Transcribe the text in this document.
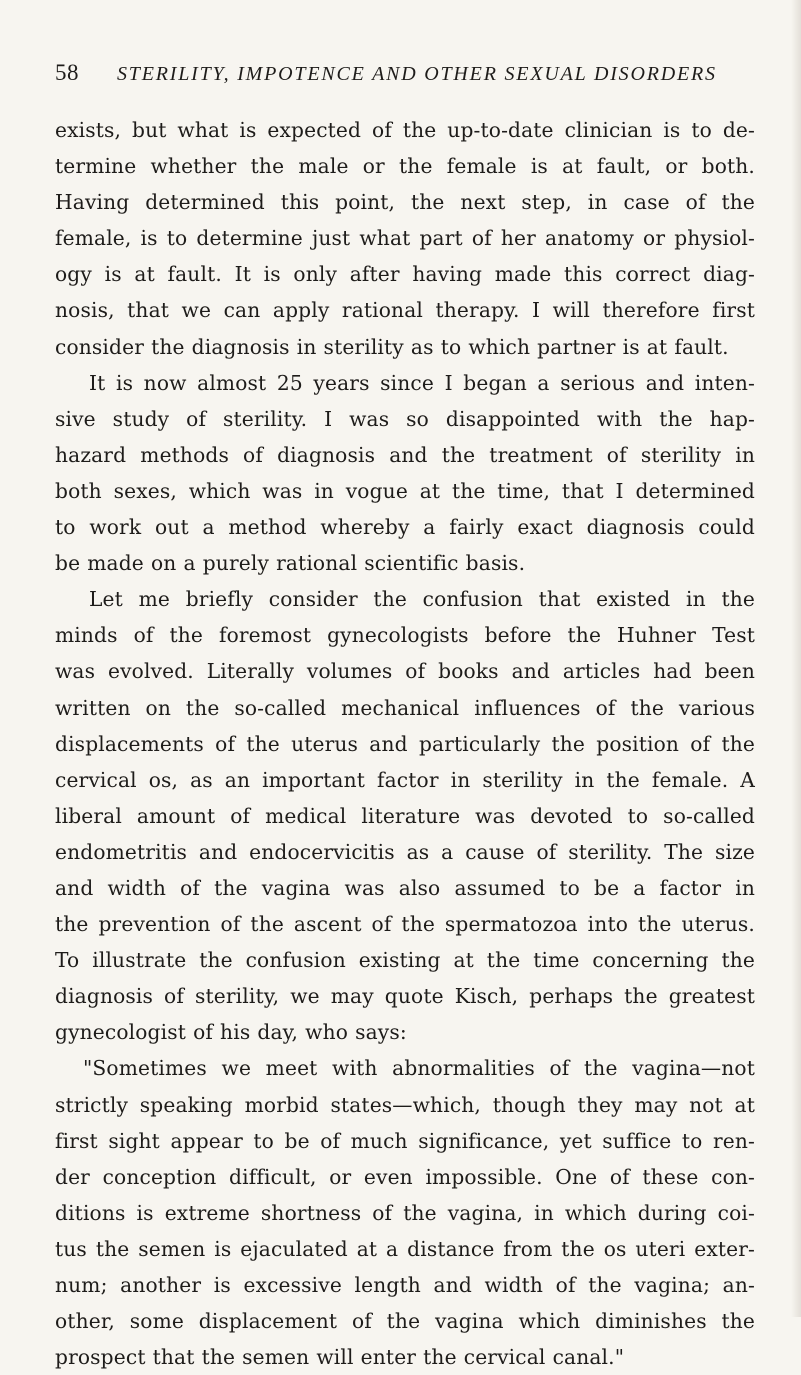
58	STERILITY, IMPOTENCE AND OTHER SEXUAL DISORDERS
exists, but what is expected of the up-to-date clinician is to de-
termine whether the male or the female is at fault, or both.
Having determined this point, the next step, in case of the
female, is to determine just what part of her anatomy or physiol-
ogy is at fault. It is only after having made this correct diag-
nosis, that we can apply rational therapy. I will therefore first
consider the diagnosis in sterility as to which partner is at fault.
It is now almost 25 years since I began a serious and inten-
sive study of sterility. I was so disappointed with the hap-
hazard methods of diagnosis and the treatment of sterility in
both sexes, which was in vogue at the time, that I determined
to work out a method whereby a fairly exact diagnosis could
be made on a purely rational scientific basis.
Let me briefly consider the confusion that existed in the
minds of the foremost gynecologists before the Huhner Test
was evolved. Literally volumes of books and articles had been
written on the so-called mechanical influences of the various
displacements of the uterus and particularly the position of the
cervical os, as an important factor in sterility in the female. A
liberal amount of medical literature was devoted to so-called
endometritis and endocervicitis as a cause of sterility. The size
and width of the vagina was also assumed to be a factor in
the prevention of the ascent of the spermatozoa into the uterus.
To illustrate the confusion existing at the time concerning the
diagnosis of sterility, we may quote Kisch, perhaps the greatest
gynecologist of his day, who says:
"Sometimes we meet with abnormalities of the vagina—not
strictly speaking morbid states—which, though they may not at
first sight appear to be of much significance, yet suffice to ren-
der conception difficult, or even impossible. One of these con-
ditions is extreme shortness of the vagina, in which during coi-
tus the semen is ejaculated at a distance from the os uteri exter-
num; another is excessive length and width of the vagina; an-
other, some displacement of the vagina which diminishes the
prospect that the semen will enter the cervical canal."
